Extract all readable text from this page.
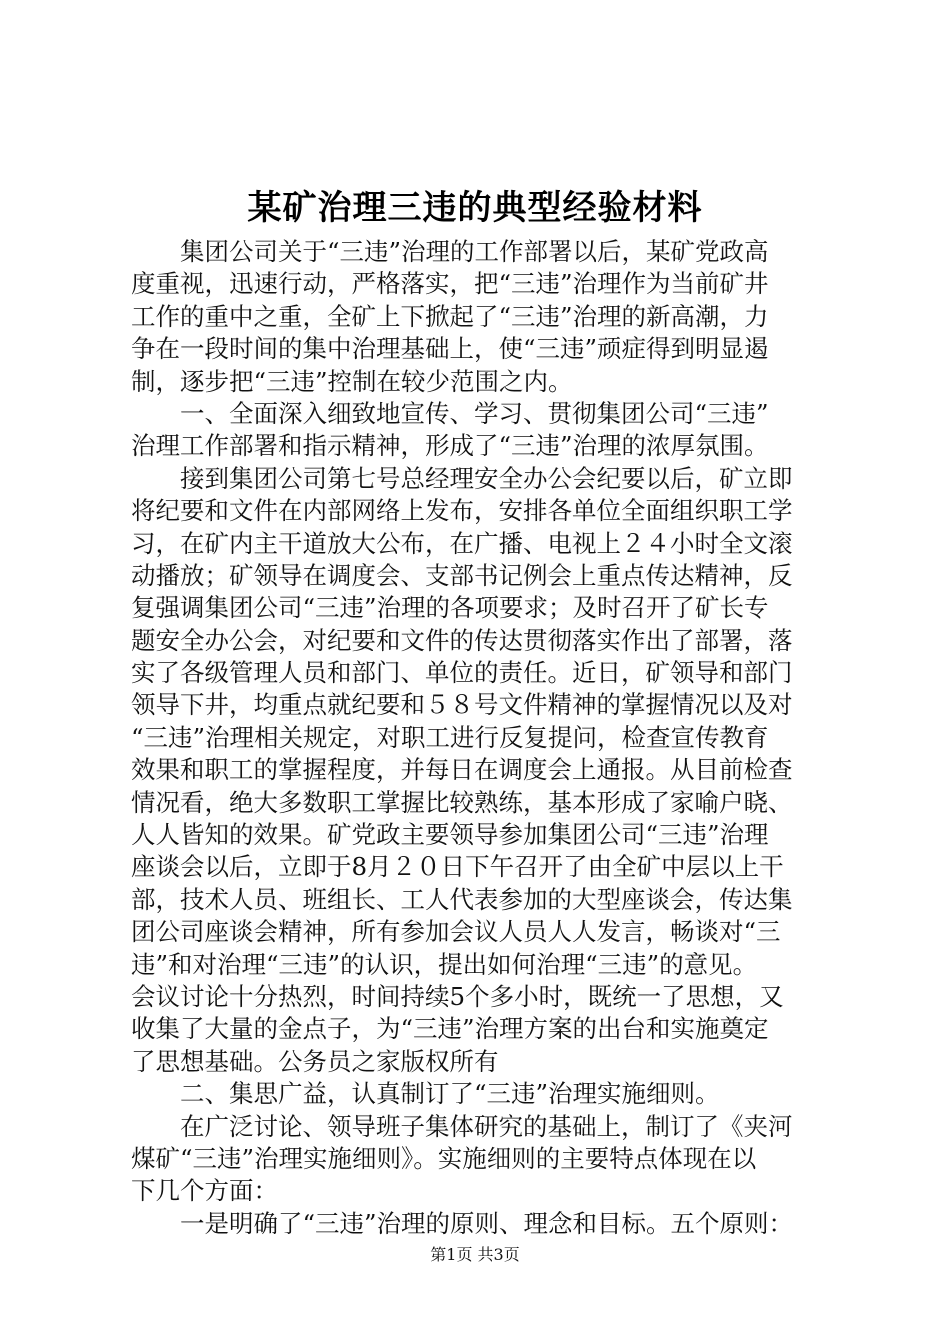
某矿治理三违的典型经验材料
集团公司关于“三违”治理的工作部署以后，某矿党政高
度重视，迅速行动，严格落实，把“三违”治理作为当前矿井
工作的重中之重，全矿上下掀起了“三违”治理的新高潮，力
争在一段时间的集中治理基础上，使“三违”顽症得到明显遏
制，逐步把“三违”控制在较少范围之内。
一、全面深入细致地宣传、学习、贯彻集团公司“三违”
治理工作部署和指示精神，形成了“三违”治理的浓厚氛围。
接到集团公司第七号总经理安全办公会纪要以后，矿立即
将纪要和文件在内部网络上发布，安排各单位全面组织职工学
习，在矿内主干道放大公布，在广播、电视上２４小时全文滚
动播放；矿领导在调度会、支部书记例会上重点传达精神，反
复强调集团公司“三违”治理的各项要求；及时召开了矿长专
题安全办公会，对纪要和文件的传达贯彻落实作出了部署，落
实了各级管理人员和部门、单位的责任。近日，矿领导和部门
领导下井，均重点就纪要和５８号文件精神的掌握情况以及对
“三违”治理相关规定，对职工进行反复提问，检查宣传教育
效果和职工的掌握程度，并每日在调度会上通报。从目前检查
情况看，绝大多数职工掌握比较熟练，基本形成了家喻户晓、
人人皆知的效果。矿党政主要领导参加集团公司“三违”治理
座谈会以后，立即于8月２０日下午召开了由全矿中层以上干
部，技术人员、班组长、工人代表参加的大型座谈会，传达集
团公司座谈会精神，所有参加会议人员人人发言，畅谈对“三
违”和对治理“三违”的认识，提出如何治理“三违”的意见。
会议讨论十分热烈，时间持续5个多小时，既统一了思想，又
收集了大量的金点子，为“三违”治理方案的出台和实施奠定
了思想基础。公务员之家版权所有
二、集思广益，认真制订了“三违”治理实施细则。
在广泛讨论、领导班子集体研究的基础上，制订了《夹河
煤矿“三违”治理实施细则》。实施细则的主要特点体现在以
下几个方面：
一是明确了“三违”治理的原则、理念和目标。五个原则：
第1页 共3页
